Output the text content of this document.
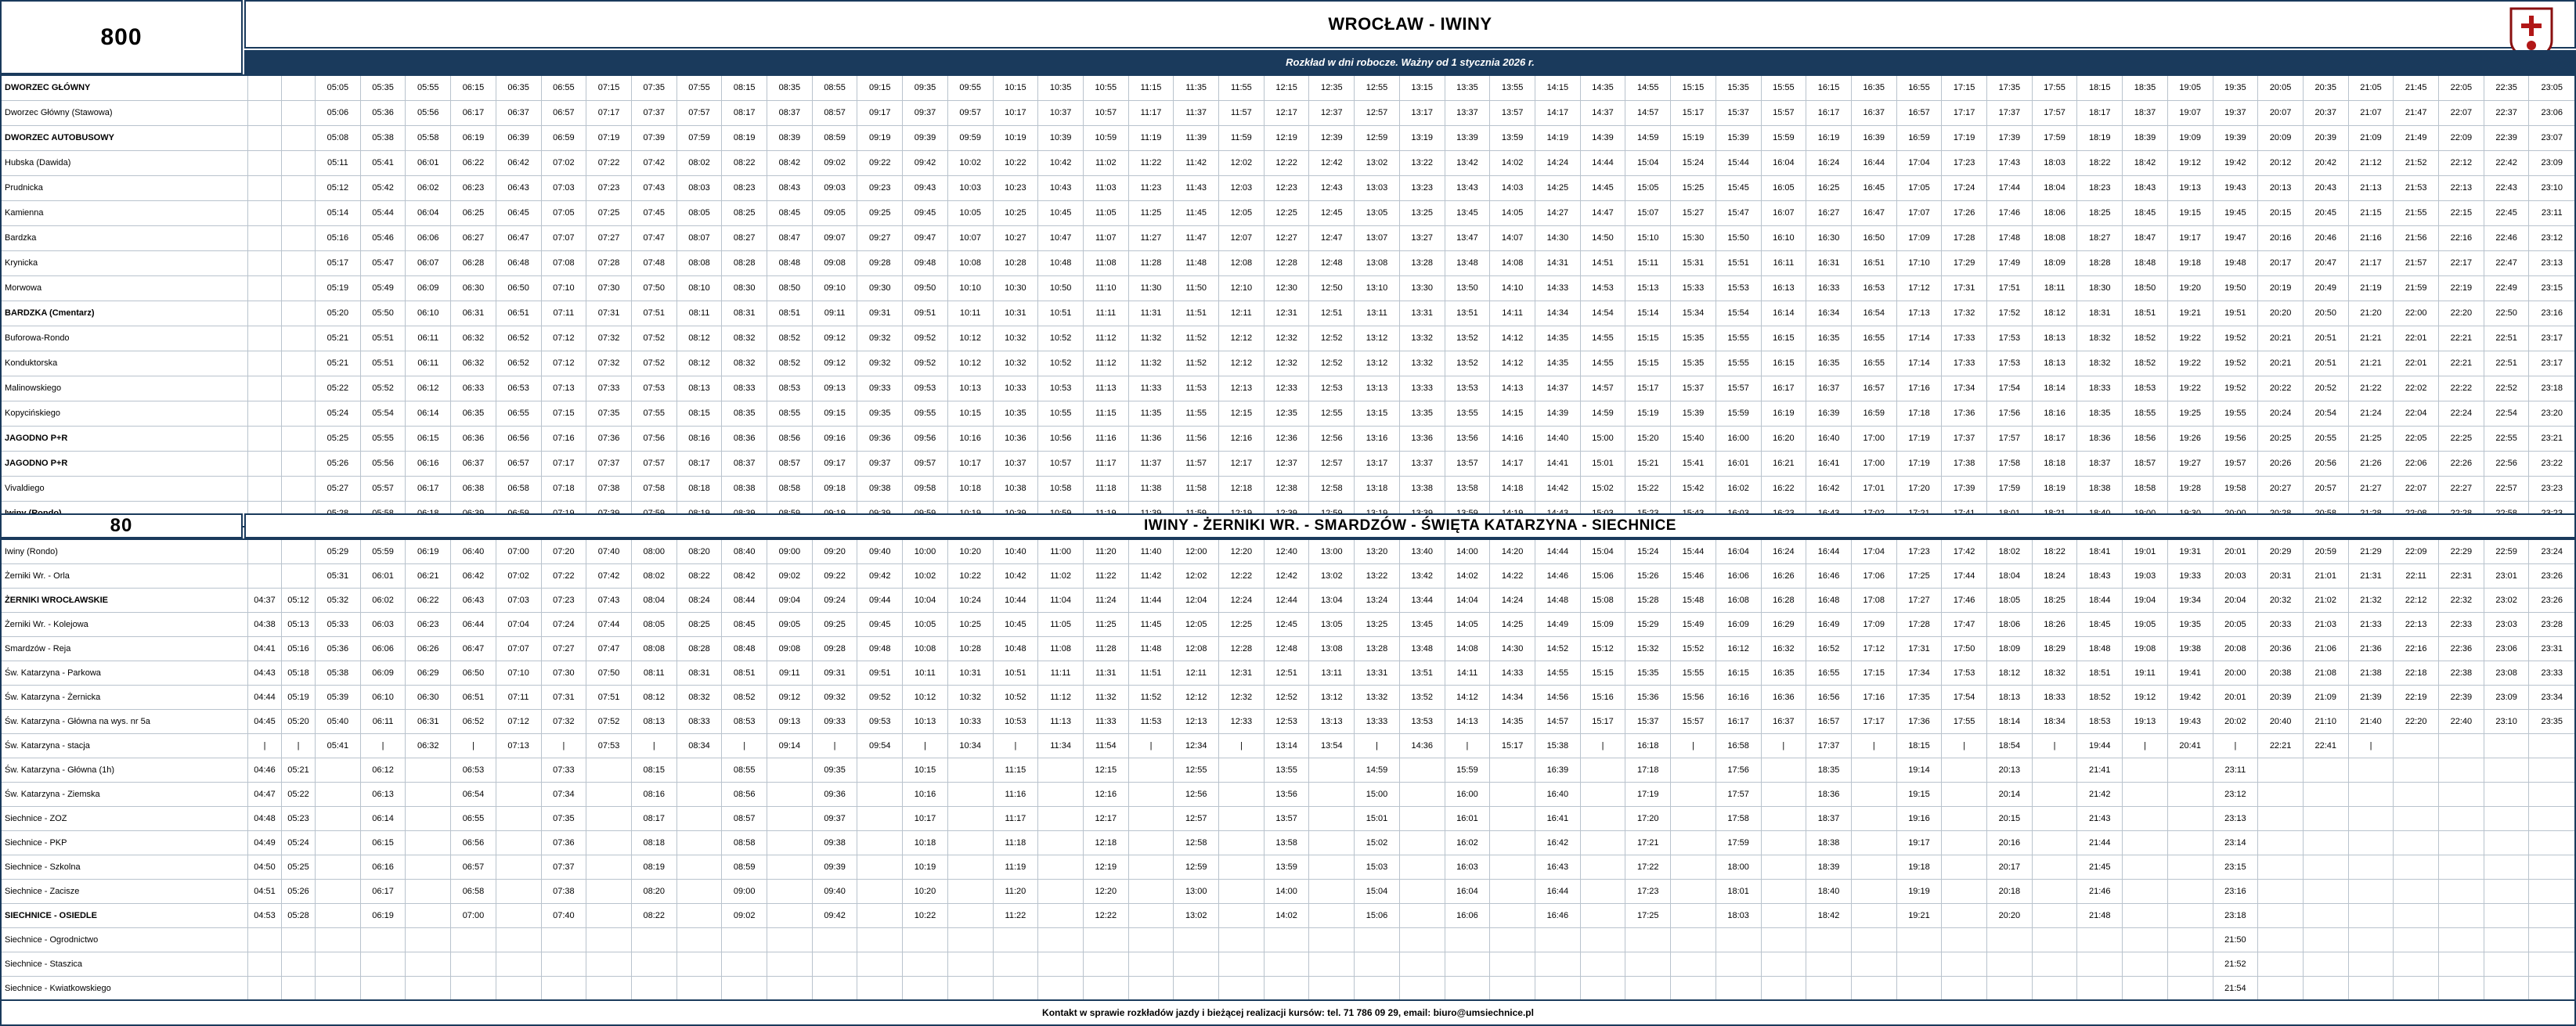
800	WROCŁAW - IWINY
Rozkład w dni robocze. Ważny od 1 stycznia 2026 r.
DWORZEC GŁÓWNY			05:05	05:35	05:55	06:15	06:35	06:55	07:15	07:35	07:55	08:15	08:35	08:55	09:15	09:35	09:55	10:15	10:35	10:55	11:15	11:35	11:55	12:15	12:35	12:55	13:15	13:35	13:55	14:15	14:35	14:55	15:15	15:35	15:55	16:15	16:35	16:55	17:15	17:35	17:55	18:15	18:35	19:05	19:35	20:05	20:35	21:05	21:45	22:05	22:35	23:05
Dworzec Główny (Stawowa)			05:06	05:36	05:56	06:17	06:37	06:57	07:17	07:37	07:57	08:17	08:37	08:57	09:17	09:37	09:57	10:17	10:37	10:57	11:17	11:37	11:57	12:17	12:37	12:57	13:17	13:37	13:57	14:17	14:37	14:57	15:17	15:37	15:57	16:17	16:37	16:57	17:17	17:37	17:57	18:17	18:37	19:07	19:37	20:07	20:37	21:07	21:47	22:07	22:37	23:06
DWORZEC AUTOBUSOWY			05:08	05:38	05:58	06:19	06:39	06:59	07:19	07:39	07:59	08:19	08:39	08:59	09:19	09:39	09:59	10:19	10:39	10:59	11:19	11:39	11:59	12:19	12:39	12:59	13:19	13:39	13:59	14:19	14:39	14:59	15:19	15:39	15:59	16:19	16:39	16:59	17:19	17:39	17:59	18:19	18:39	19:09	19:39	20:09	20:39	21:09	21:49	22:09	22:39	23:07
Hubska (Dawida)			05:11	05:41	06:01	06:22	06:42	07:02	07:22	07:42	08:02	08:22	08:42	09:02	09:22	09:42	10:02	10:22	10:42	11:02	11:22	11:42	12:02	12:22	12:42	13:02	13:22	13:42	14:02	14:24	14:44	15:04	15:24	15:44	16:04	16:24	16:44	17:04	17:23	17:43	18:03	18:22	18:42	19:12	19:42	20:12	20:42	21:12	21:52	22:12	22:42	23:09
Prudnicka			05:12	05:42	06:02	06:23	06:43	07:03	07:23	07:43	08:03	08:23	08:43	09:03	09:23	09:43	10:03	10:23	10:43	11:03	11:23	11:43	12:03	12:23	12:43	13:03	13:23	13:43	14:03	14:25	14:45	15:05	15:25	15:45	16:05	16:25	16:45	17:05	17:24	17:44	18:04	18:23	18:43	19:13	19:43	20:13	20:43	21:13	21:53	22:13	22:43	23:10
Kamienna			05:14	05:44	06:04	06:25	06:45	07:05	07:25	07:45	08:05	08:25	08:45	09:05	09:25	09:45	10:05	10:25	10:45	11:05	11:25	11:45	12:05	12:25	12:45	13:05	13:25	13:45	14:05	14:27	14:47	15:07	15:27	15:47	16:07	16:27	16:47	17:07	17:26	17:46	18:06	18:25	18:45	19:15	19:45	20:15	20:45	21:15	21:55	22:15	22:45	23:11
Bardzka			05:16	05:46	06:06	06:27	06:47	07:07	07:27	07:47	08:07	08:27	08:47	09:07	09:27	09:47	10:07	10:27	10:47	11:07	11:27	11:47	12:07	12:27	12:47	13:07	13:27	13:47	14:07	14:30	14:50	15:10	15:30	15:50	16:10	16:30	16:50	17:09	17:28	17:48	18:08	18:27	18:47	19:17	19:47	20:16	20:46	21:16	21:56	22:16	22:46	23:12
Krynicka			05:17	05:47	06:07	06:28	06:48	07:08	07:28	07:48	08:08	08:28	08:48	09:08	09:28	09:48	10:08	10:28	10:48	11:08	11:28	11:48	12:08	12:28	12:48	13:08	13:28	13:48	14:08	14:31	14:51	15:11	15:31	15:51	16:11	16:31	16:51	17:10	17:29	17:49	18:09	18:28	18:48	19:18	19:48	20:17	20:47	21:17	21:57	22:17	22:47	23:13
Morwowa			05:19	05:49	06:09	06:30	06:50	07:10	07:30	07:50	08:10	08:30	08:50	09:10	09:30	09:50	10:10	10:30	10:50	11:10	11:30	11:50	12:10	12:30	12:50	13:10	13:30	13:50	14:10	14:33	14:53	15:13	15:33	15:53	16:13	16:33	16:53	17:12	17:31	17:51	18:11	18:30	18:50	19:20	19:50	20:19	20:49	21:19	21:59	22:19	22:49	23:15
BARDZKA (Cmentarz)			05:20	05:50	06:10	06:31	06:51	07:11	07:31	07:51	08:11	08:31	08:51	09:11	09:31	09:51	10:11	10:31	10:51	11:11	11:31	11:51	12:11	12:31	12:51	13:11	13:31	13:51	14:11	14:34	14:54	15:14	15:34	15:54	16:14	16:34	16:54	17:13	17:32	17:52	18:12	18:31	18:51	19:21	19:51	20:20	20:50	21:20	22:00	22:20	22:50	23:16
Buforowa-Rondo			05:21	05:51	06:11	06:32	06:52	07:12	07:32	07:52	08:12	08:32	08:52	09:12	09:32	09:52	10:12	10:32	10:52	11:12	11:32	11:52	12:12	12:32	12:52	13:12	13:32	13:52	14:12	14:35	14:55	15:15	15:35	15:55	16:15	16:35	16:55	17:14	17:33	17:53	18:13	18:32	18:52	19:22	19:52	20:21	20:51	21:21	22:01	22:21	22:51	23:17
Konduktorska			05:21	05:51	06:11	06:32	06:52	07:12	07:32	07:52	08:12	08:32	08:52	09:12	09:32	09:52	10:12	10:32	10:52	11:12	11:32	11:52	12:12	12:32	12:52	13:12	13:32	13:52	14:12	14:35	14:55	15:15	15:35	15:55	16:15	16:35	16:55	17:14	17:33	17:53	18:13	18:32	18:52	19:22	19:52	20:21	20:51	21:21	22:01	22:21	22:51	23:17
Malinowskiego			05:22	05:52	06:12	06:33	06:53	07:13	07:33	07:53	08:13	08:33	08:53	09:13	09:33	09:53	10:13	10:33	10:53	11:13	11:33	11:53	12:13	12:33	12:53	13:13	13:33	13:53	14:13	14:37	14:57	15:17	15:37	15:57	16:17	16:37	16:57	17:16	17:34	17:54	18:14	18:33	18:53	19:22	19:52	20:22	20:52	21:22	22:02	22:22	22:52	23:18
Kopycińskiego			05:24	05:54	06:14	06:35	06:55	07:15	07:35	07:55	08:15	08:35	08:55	09:15	09:35	09:55	10:15	10:35	10:55	11:15	11:35	11:55	12:15	12:35	12:55	13:15	13:35	13:55	14:15	14:39	14:59	15:19	15:39	15:59	16:19	16:39	16:59	17:18	17:36	17:56	18:16	18:35	18:55	19:25	19:55	20:24	20:54	21:24	22:04	22:24	22:54	23:20
JAGODNO P+R			05:25	05:55	06:15	06:36	06:56	07:16	07:36	07:56	08:16	08:36	08:56	09:16	09:36	09:56	10:16	10:36	10:56	11:16	11:36	11:56	12:16	12:36	12:56	13:16	13:36	13:56	14:16	14:40	15:00	15:20	15:40	16:00	16:20	16:40	17:00	17:19	17:37	17:57	18:17	18:36	18:56	19:26	19:56	20:25	20:55	21:25	22:05	22:25	22:55	23:21
JAGODNO P+R			05:26	05:56	06:16	06:37	06:57	07:17	07:37	07:57	08:17	08:37	08:57	09:17	09:37	09:57	10:17	10:37	10:57	11:17	11:37	11:57	12:17	12:37	12:57	13:17	13:37	13:57	14:17	14:41	15:01	15:21	15:41	16:01	16:21	16:41	17:00	17:19	17:38	17:58	18:18	18:37	18:57	19:27	19:57	20:26	20:56	21:26	22:06	22:26	22:56	23:22
Vivaldiego			05:27	05:57	06:17	06:38	06:58	07:18	07:38	07:58	08:18	08:38	08:58	09:18	09:38	09:58	10:18	10:38	10:58	11:18	11:38	11:58	12:18	12:38	12:58	13:18	13:38	13:58	14:18	14:42	15:02	15:22	15:42	16:02	16:22	16:42	17:01	17:20	17:39	17:59	18:19	18:38	18:58	19:28	19:58	20:27	20:57	21:27	22:07	22:27	22:57	23:23

80	IWINY - ŻERNIKI WR. - SMARDZÓW - ŚWIĘTA KATARZYNA - SIECHNICE
Iwiny (Rondo)			05:29	05:59	06:19	06:40	07:00	07:20	07:40	08:00	08:20	08:40	09:00	09:20	09:40	10:00	10:20	10:40	11:00	11:20	11:40	12:00	12:20	12:40	13:00	13:20	13:40	14:00	14:20	14:44	15:04	15:24	15:44	16:04	16:24	16:44	17:04	17:23	17:42	18:02	18:22	18:41	19:01	19:31	20:01	20:29	20:59	21:29	22:09	22:29	22:59	23:24
Żerniki Wr. - Orla			05:31	06:01	06:21	06:42	07:02	07:22	07:42	08:02	08:22	08:42	09:02	09:22	09:42	10:02	10:22	10:42	11:02	11:22	11:42	12:02	12:22	12:42	13:02	13:22	13:42	14:02	14:22	14:46	15:06	15:26	15:46	16:06	16:26	16:46	17:06	17:25	17:44	18:04	18:24	18:43	19:03	19:33	20:03	20:31	21:01	21:31	22:11	22:31	23:01	23:26
ŻERNIKI WROCŁAWSKIE	04:37	05:12	05:32	06:02	06:22	06:43	07:03	07:23	07:43	08:04	08:24	08:44	09:04	09:24	09:44	10:04	10:24	10:44	11:04	11:24	11:44	12:04	12:24	12:44	13:04	13:24	13:44	14:04	14:24	14:48	15:08	15:28	15:48	16:08	16:28	16:48	17:08	17:27	17:46	18:05	18:25	18:44	19:04	19:34	20:04	20:32	21:02	21:32	22:12	22:32	23:02	23:26
Żerniki Wr. - Kolejowa	04:38	05:13	05:33	06:03	06:23	06:44	07:04	07:24	07:44	08:05	08:25	08:45	09:05	09:25	09:45	10:05	10:25	10:45	11:05	11:25	11:45	12:05	12:25	12:45	13:05	13:25	13:45	14:05	14:25	14:49	15:09	15:29	15:49	16:09	16:29	16:49	17:09	17:28	17:47	18:06	18:26	18:45	19:05	19:35	20:05	20:33	21:03	21:33	22:13	22:33	23:03	23:28
Smardzów - Reja	04:41	05:16	05:36	06:06	06:26	06:47	07:07	07:27	07:47	08:08	08:28	08:48	09:08	09:28	09:48	10:08	10:28	10:48	11:08	11:28	11:48	12:08	12:28	12:48	13:08	13:28	13:48	14:08	14:30	14:52	15:12	15:32	15:52	16:12	16:32	16:52	17:12	17:31	17:50	18:09	18:29	18:48	19:08	19:38	20:08	20:36	21:06	21:36	22:16	22:36	23:06	23:31
Św. Katarzyna - Parkowa	04:43	05:18	05:38	06:09	06:29	06:50	07:10	07:30	07:50	08:11	08:31	08:51	09:11	09:31	09:51	10:11	10:31	10:51	11:11	11:31	11:51	12:11	12:31	12:51	13:11	13:31	13:51	14:11	14:33	14:55	15:15	15:35	15:55	16:15	16:35	16:55	17:15	17:34	17:53	18:12	18:32	18:51	19:11	19:41	20:00	20:38	21:08	21:38	22:18	22:38	23:08	23:33
Św. Katarzyna - Żernicka	04:44	05:19	05:39	06:10	06:30	06:51	07:11	07:31	07:51	08:12	08:32	08:52	09:12	09:32	09:52	10:12	10:32	10:52	11:12	11:32	11:52	12:12	12:32	12:52	13:12	13:32	13:52	14:12	14:34	14:56	15:16	15:36	15:56	16:16	16:36	16:56	17:16	17:35	17:54	18:13	18:33	18:52	19:12	19:42	20:01	20:39	21:09	21:39	22:19	22:39	23:09	23:34
Św. Katarzyna - Główna na wys. nr 5a	04:45	05:20	05:40	06:11	06:31	06:52	07:12	07:32	07:52	08:13	08:33	08:53	09:13	09:33	09:53	10:13	10:33	10:53	11:13	11:33	11:53	12:13	12:33	12:53	13:13	13:33	13:53	14:13	14:35	14:57	15:17	15:37	15:57	16:17	16:37	16:57	17:17	17:36	17:55	18:14	18:34	18:53	19:13	19:43	20:02	20:40	21:10	21:40	22:20	22:40	23:10	23:35
Św. Katarzyna - stacja	|	|	05:41	|	06:32	|	07:13	|	07:53	|	08:34	|	09:14	|	09:54	|	10:34	|	11:34	11:54	|	12:34	|	13:14	13:54	|	14:36	|	15:17	15:38	|	16:18	|	16:58	|	17:37	|	18:15	|	18:54	|	19:44	|	20:41	|	22:21	22:41	|				
Św. Katarzyna - Główna (1h)	04:46	05:21		06:12		06:53		07:33		08:15		08:55		09:35		10:15		11:15		12:15		12:55		13:55		14:59		15:59		16:39		17:18		17:56		18:35		19:14		20:13		21:41			23:11							
Św. Katarzyna - Ziemska	04:47	05:22		06:13		06:54		07:34		08:16		08:56		09:36		10:16		11:16		12:16		12:56		13:56		15:00		16:00		16:40		17:19		17:57		18:36		19:15		20:14		21:42			23:12							
Siechnice - ZOZ	04:48	05:23		06:14		06:55		07:35		08:17		08:57		09:37		10:17		11:17		12:17		12:57		13:57		15:01		16:01		16:41		17:20		17:58		18:37		19:16		20:15		21:43			23:13							
Siechnice - PKP	04:49	05:24		06:15		06:56		07:36		08:18		08:58		09:38		10:18		11:18		12:18		12:58		13:58		15:02		16:02		16:42		17:21		17:59		18:38		19:17		20:16		21:44			23:14							
Siechnice - Szkolna	04:50	05:25		06:16		06:57		07:37		08:19		08:59		09:39		10:19		11:19		12:19		12:59		13:59		15:03		16:03		16:43		17:22		18:00		18:39		19:18		20:17		21:45			23:15							
Siechnice - Zacisze	04:51	05:26		06:17		06:58		07:38		08:20		09:00		09:40		10:20		11:20		12:20		13:00		14:00		15:04		16:04		16:44		17:23		18:01		18:40		19:19		20:18		21:46			23:16							
SIECHNICE - OSIEDLE	04:53	05:28		06:19		07:00		07:40		08:22		09:02		09:42		10:22		11:22		12:22		13:02		14:02		15:06		16:06		16:46		17:25		18:03		18:42		19:21		20:20		21:48			23:18							
Siechnice - Ogrodnictwo																																													21:50							
Siechnice - Staszica																																													21:52							
Siechnice - Kwiatkowskiego																																													21:54							
Kontakt w sprawie rozkładów jazdy i bieżącej realizacji kursów: tel. 71 786 09 29, email: biuro@umsiechnice.pl
